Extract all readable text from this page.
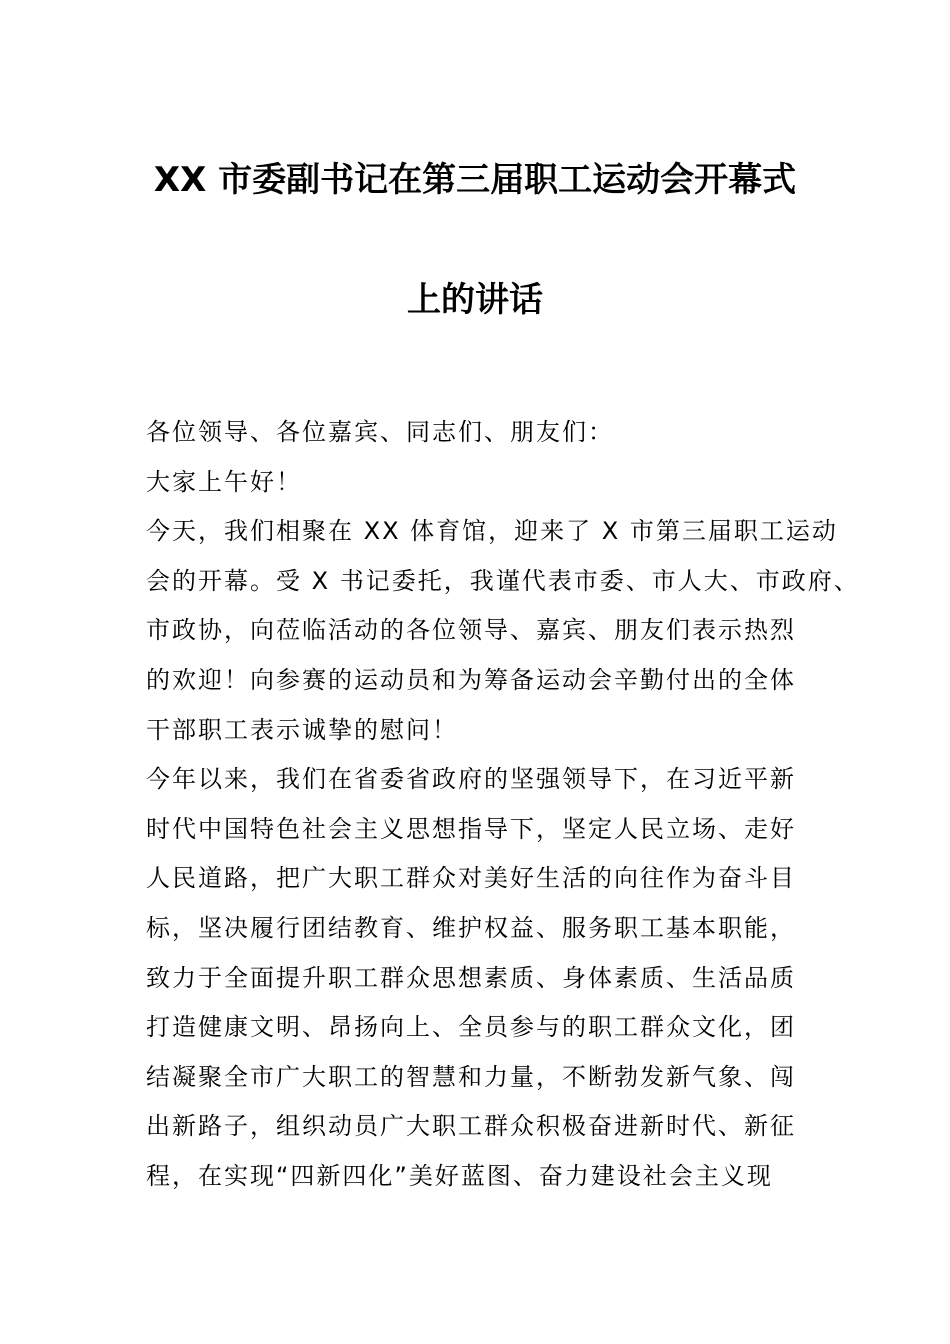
XX 市委副书记在第三届职工运动会开幕式
上的讲话
各位领导、各位嘉宾、同志们、朋友们：
大家上午好！
今天，我们相聚在 XX 体育馆，迎来了 X 市第三届职工运动
会的开幕。受 X 书记委托，我谨代表市委、市人大、市政府、
市政协，向莅临活动的各位领导、嘉宾、朋友们表示热烈
的欢迎！向参赛的运动员和为筹备运动会辛勤付出的全体
干部职工表示诚挚的慰问！
今年以来，我们在省委省政府的坚强领导下，在习近平新
时代中国特色社会主义思想指导下，坚定人民立场、走好
人民道路，把广大职工群众对美好生活的向往作为奋斗目
标，坚决履行团结教育、维护权益、服务职工基本职能，
致力于全面提升职工群众思想素质、身体素质、生活品质
打造健康文明、昂扬向上、全员参与的职工群众文化，团
结凝聚全市广大职工的智慧和力量，不断勃发新气象、闯
出新路子，组织动员广大职工群众积极奋进新时代、新征
程，在实现“四新四化”美好蓝图、奋力建设社会主义现
